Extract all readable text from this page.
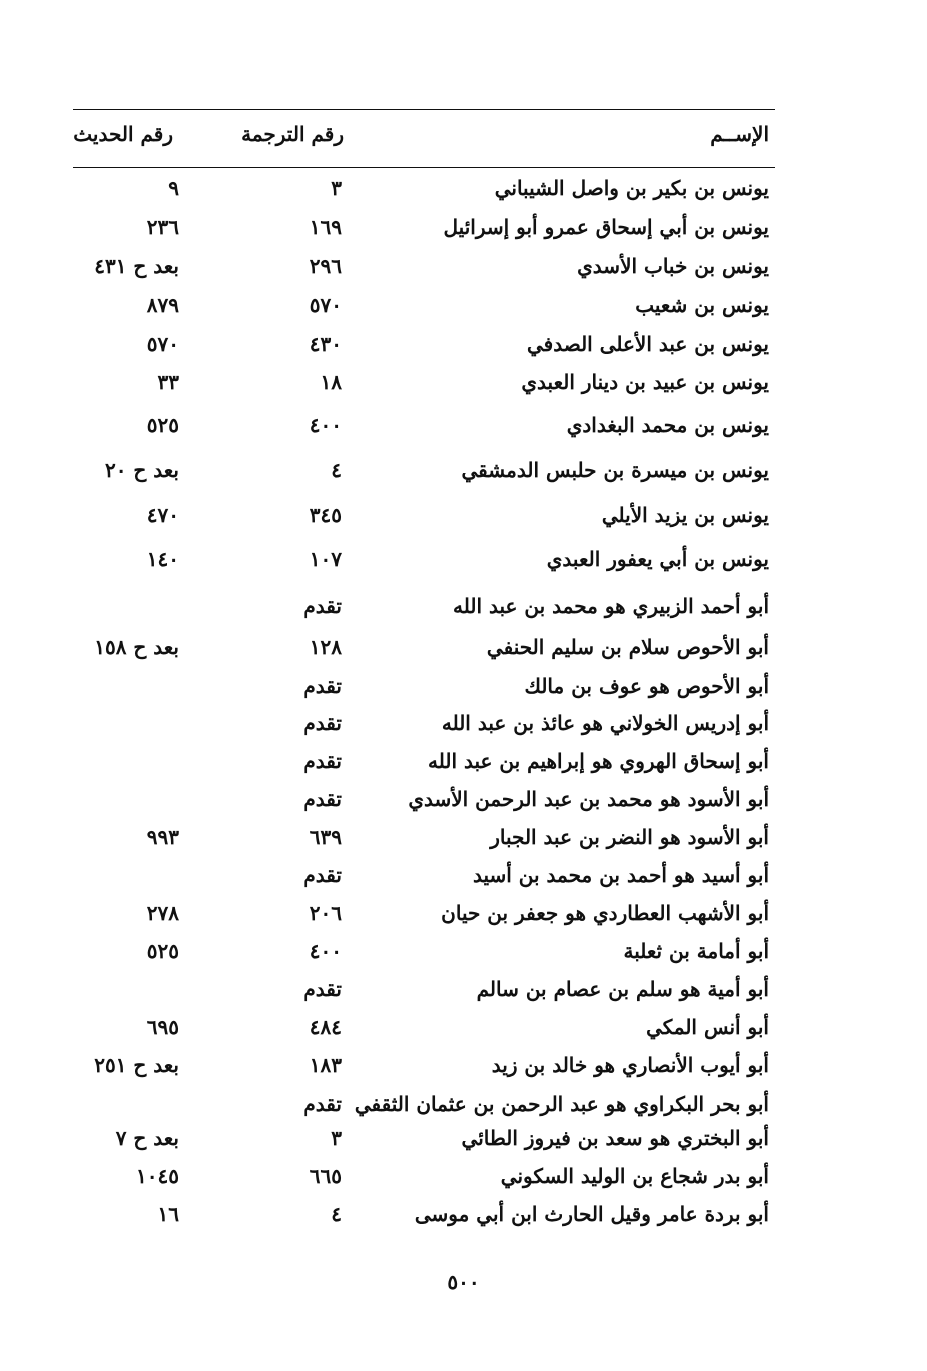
الإســم
رقم الترجمة
رقم الحديث
يونس بن بكير بن واصل الشيباني
٣
٩
يونس بن أبي إسحاق عمرو أبو إسرائيل
١٦٩
٢٣٦
يونس بن خباب الأسدي
٢٩٦
بعد ح ٤٣١
يونس بن شعيب
٥٧٠
٨٧٩
يونس بن عبد الأعلى الصدفي
٤٣٠
٥٧٠
يونس بن عبيد بن دينار العبدي
١٨
٣٣
يونس بن محمد البغدادي
٤٠٠
٥٢٥
يونس بن ميسرة بن حلبس الدمشقي
٤
بعد ح ٢٠
يونس بن يزيد الأيلي
٣٤٥
٤٧٠
يونس بن أبي يعفور العبدي
١٠٧
١٤٠
أبو أحمد الزبيري هو محمد بن عبد الله
تقدم
أبو الأحوص سلام بن سليم الحنفي
١٢٨
بعد ح ١٥٨
أبو الأحوص هو عوف بن مالك
تقدم
أبو إدريس الخولاني هو عائذ بن عبد الله
تقدم
أبو إسحاق الهروي هو إبراهيم بن عبد الله
تقدم
أبو الأسود هو محمد بن عبد الرحمن الأسدي
تقدم
أبو الأسود هو النضر بن عبد الجبار
٦٣٩
٩٩٣
أبو أسيد هو أحمد بن محمد بن أسيد
تقدم
أبو الأشهب العطاردي هو جعفر بن حيان
٢٠٦
٢٧٨
أبو أمامة بن ثعلبة
٤٠٠
٥٢٥
أبو أمية هو سلم بن عصام بن سالم
تقدم
أبو أنس المكي
٤٨٤
٦٩٥
أبو أيوب الأنصاري هو خالد بن زيد
١٨٣
بعد ح ٢٥١
أبو بحر البكراوي هو عبد الرحمن بن عثمان الثقفي
تقدم
أبو البختري هو سعد بن فيروز الطائي
٣
بعد ح ٧
أبو بدر شجاع بن الوليد السكوني
٦٦٥
١٠٤٥
أبو بردة عامر وقيل الحارث ابن أبي موسى
٤
١٦
٥٠٠
